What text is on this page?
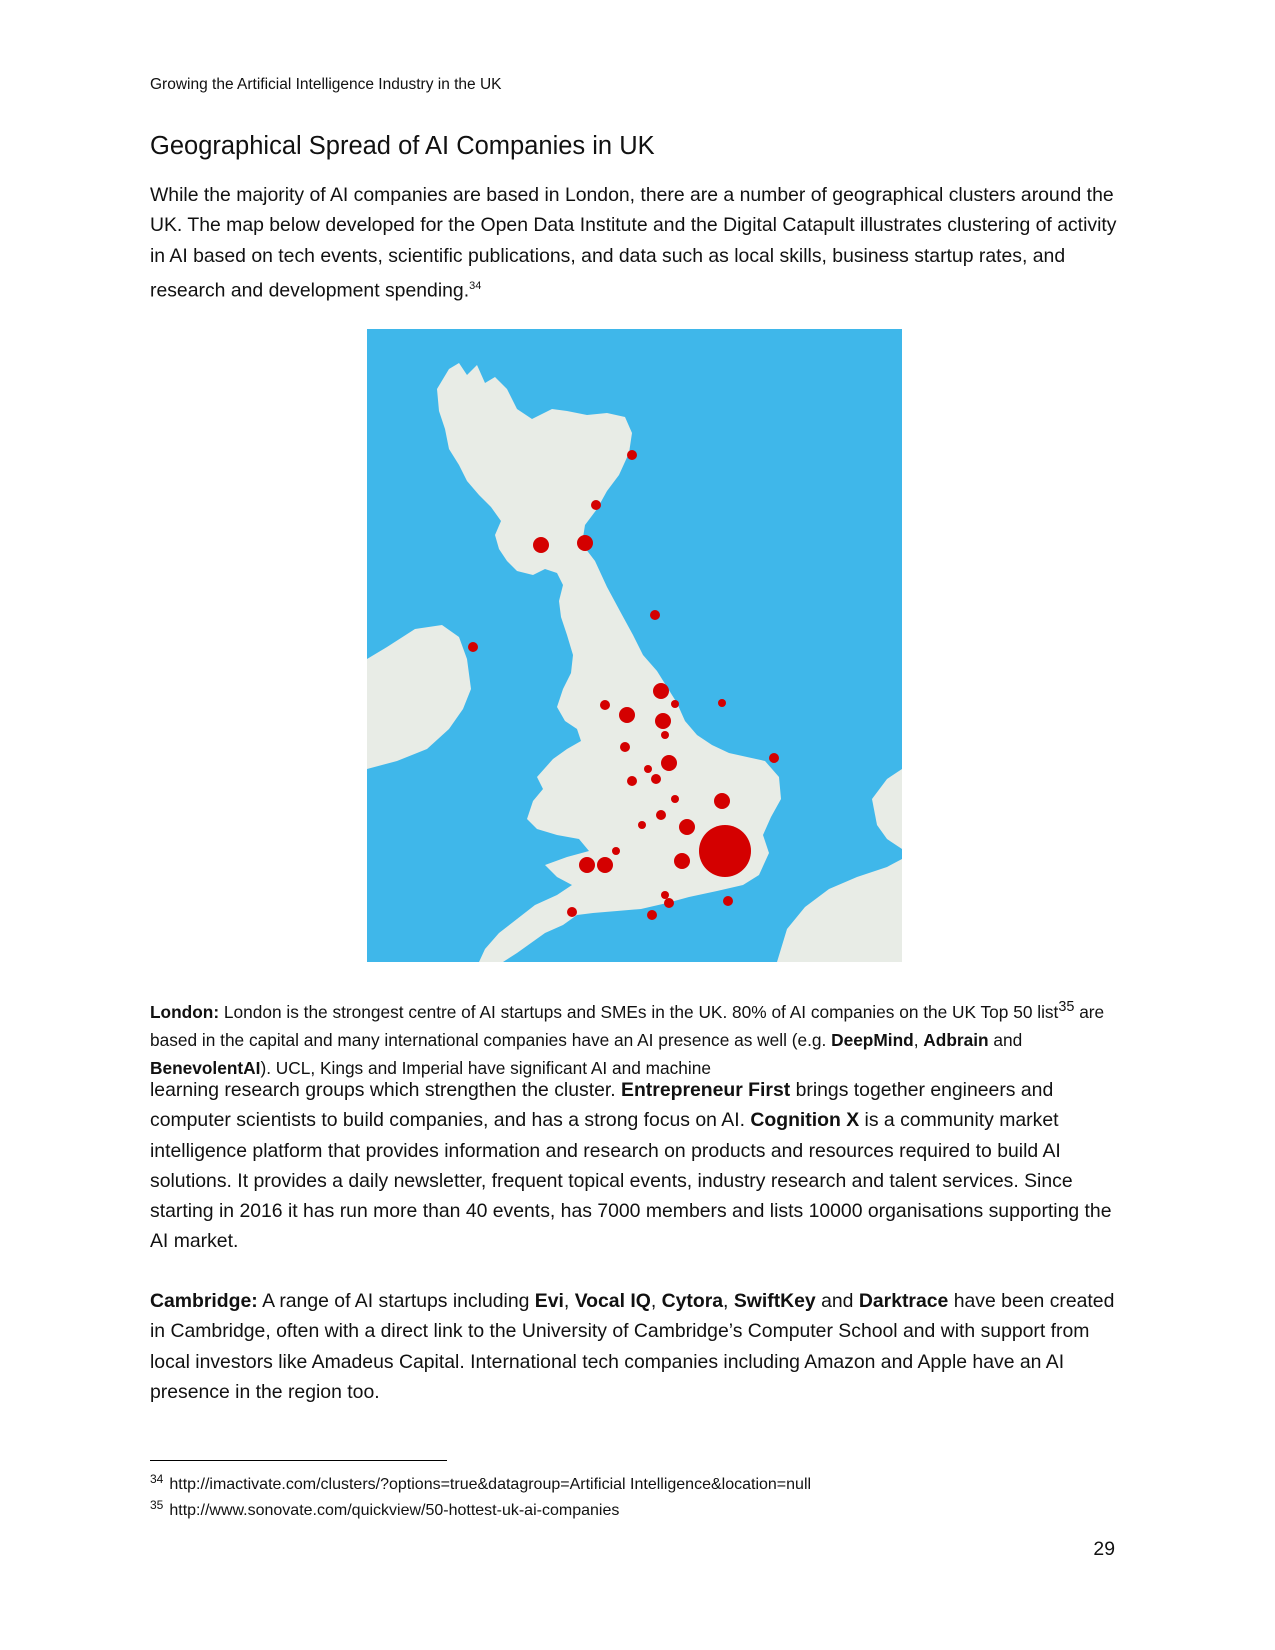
Growing the Artificial Intelligence Industry in the UK
Geographical Spread of AI Companies in UK

While the majority of AI companies are based in London, there are a number of geographical clusters around the UK. The map below developed for the Open Data Institute and the Digital Catapult illustrates clustering of activity in AI based on tech events, scientific publications, and data such as local skills, business startup rates, and research and development spending.$^{34}$

London: London is the strongest centre of AI startups and SMEs in the UK. 80% of AI companies on the UK Top 50 list$^{35}$ are based in the capital and many international companies have an AI presence as well (e.g. DeepMind, Adbrain and BenevolentAI). UCL, Kings and Imperial have significant AI and machine

learning research groups which strengthen the cluster. Entrepreneur First brings together engineers and computer scientists to build companies, and has a strong focus on AI. Cognition X is a community market intelligence platform that provides information and research on products and resources required to build AI solutions. It provides a daily newsletter, frequent topical events, industry research and talent services. Since starting in 2016 it has run more than 40 events, has 7000 members and lists 10000 organisations supporting the AI market.

Cambridge: A range of AI startups including Evi, Vocal IQ, Cytora, SwiftKey and Darktrace have been created in Cambridge, often with a direct link to the University of Cambridge’s Computer School and with support from local investors like Amadeus Capital. International tech companies including Amazon and Apple have an AI presence in the region too.

$^{34}$ http://imactivate.com/clusters/?options=true&datagroup=Artificial Intelligence&location=null
$^{35}$ http://www.sonovate.com/quickview/50-hottest-uk-ai-companies
29
